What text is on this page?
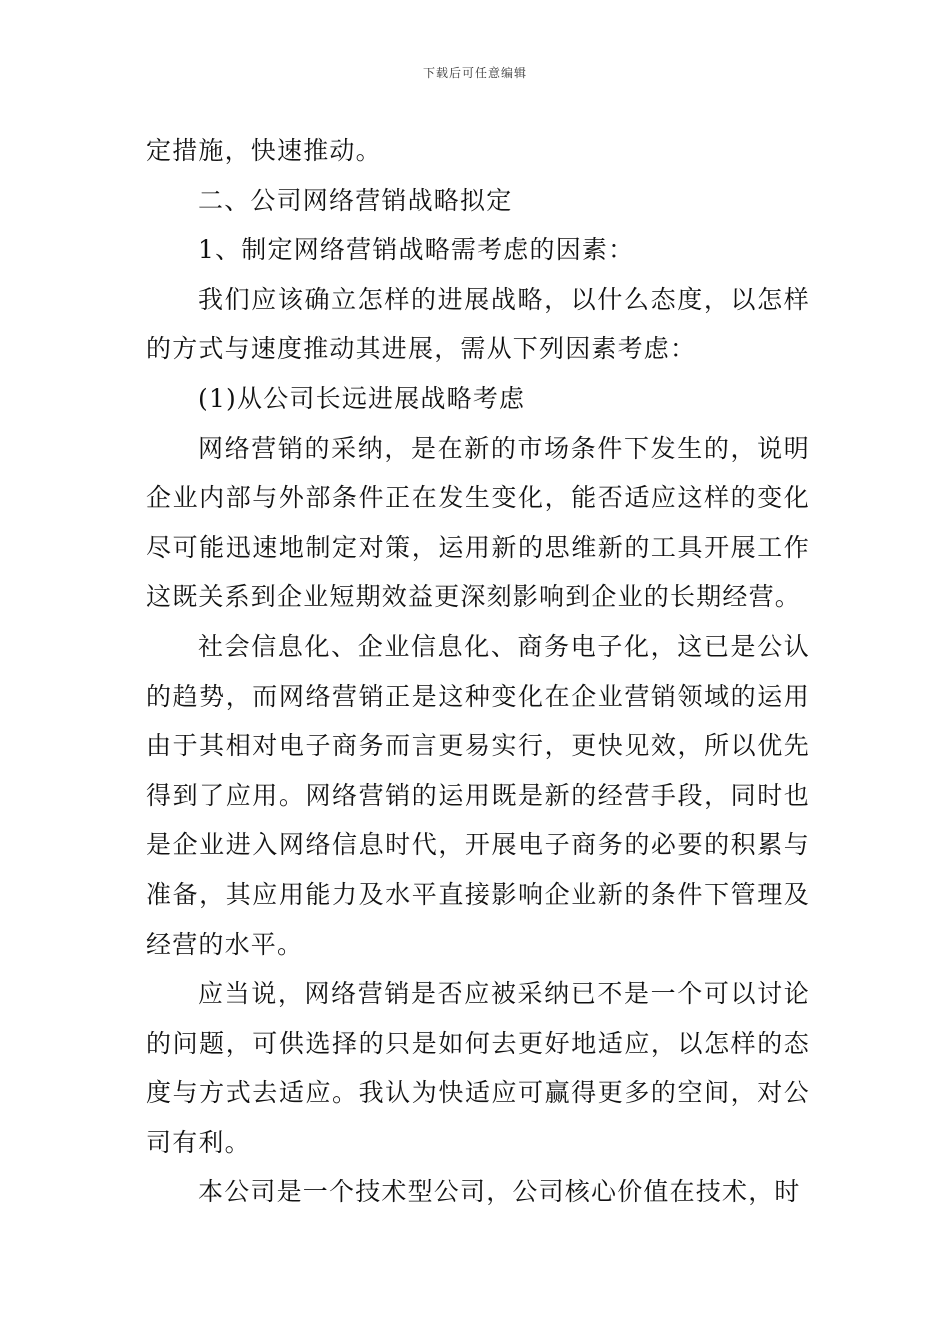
下载后可任意编辑

定措施，快速推动。

二、公司网络营销战略拟定

1、制定网络营销战略需考虑的因素：

我们应该确立怎样的进展战略，以什么态度，以怎样的方式与速度推动其进展，需从下列因素考虑：

(1)从公司长远进展战略考虑

网络营销的采纳，是在新的市场条件下发生的，说明企业内部与外部条件正在发生变化，能否适应这样的变化尽可能迅速地制定对策，运用新的思维新的工具开展工作这既关系到企业短期效益更深刻影响到企业的长期经营。

社会信息化、企业信息化、商务电子化，这已是公认的趋势，而网络营销正是这种变化在企业营销领域的运用由于其相对电子商务而言更易实行，更快见效，所以优先得到了应用。网络营销的运用既是新的经营手段，同时也是企业进入网络信息时代，开展电子商务的必要的积累与准备，其应用能力及水平直接影响企业新的条件下管理及经营的水平。

应当说，网络营销是否应被采纳已不是一个可以讨论的问题，可供选择的只是如何去更好地适应，以怎样的态度与方式去适应。我认为快适应可赢得更多的空间，对公司有利。

本公司是一个技术型公司，公司核心价值在技术，时
